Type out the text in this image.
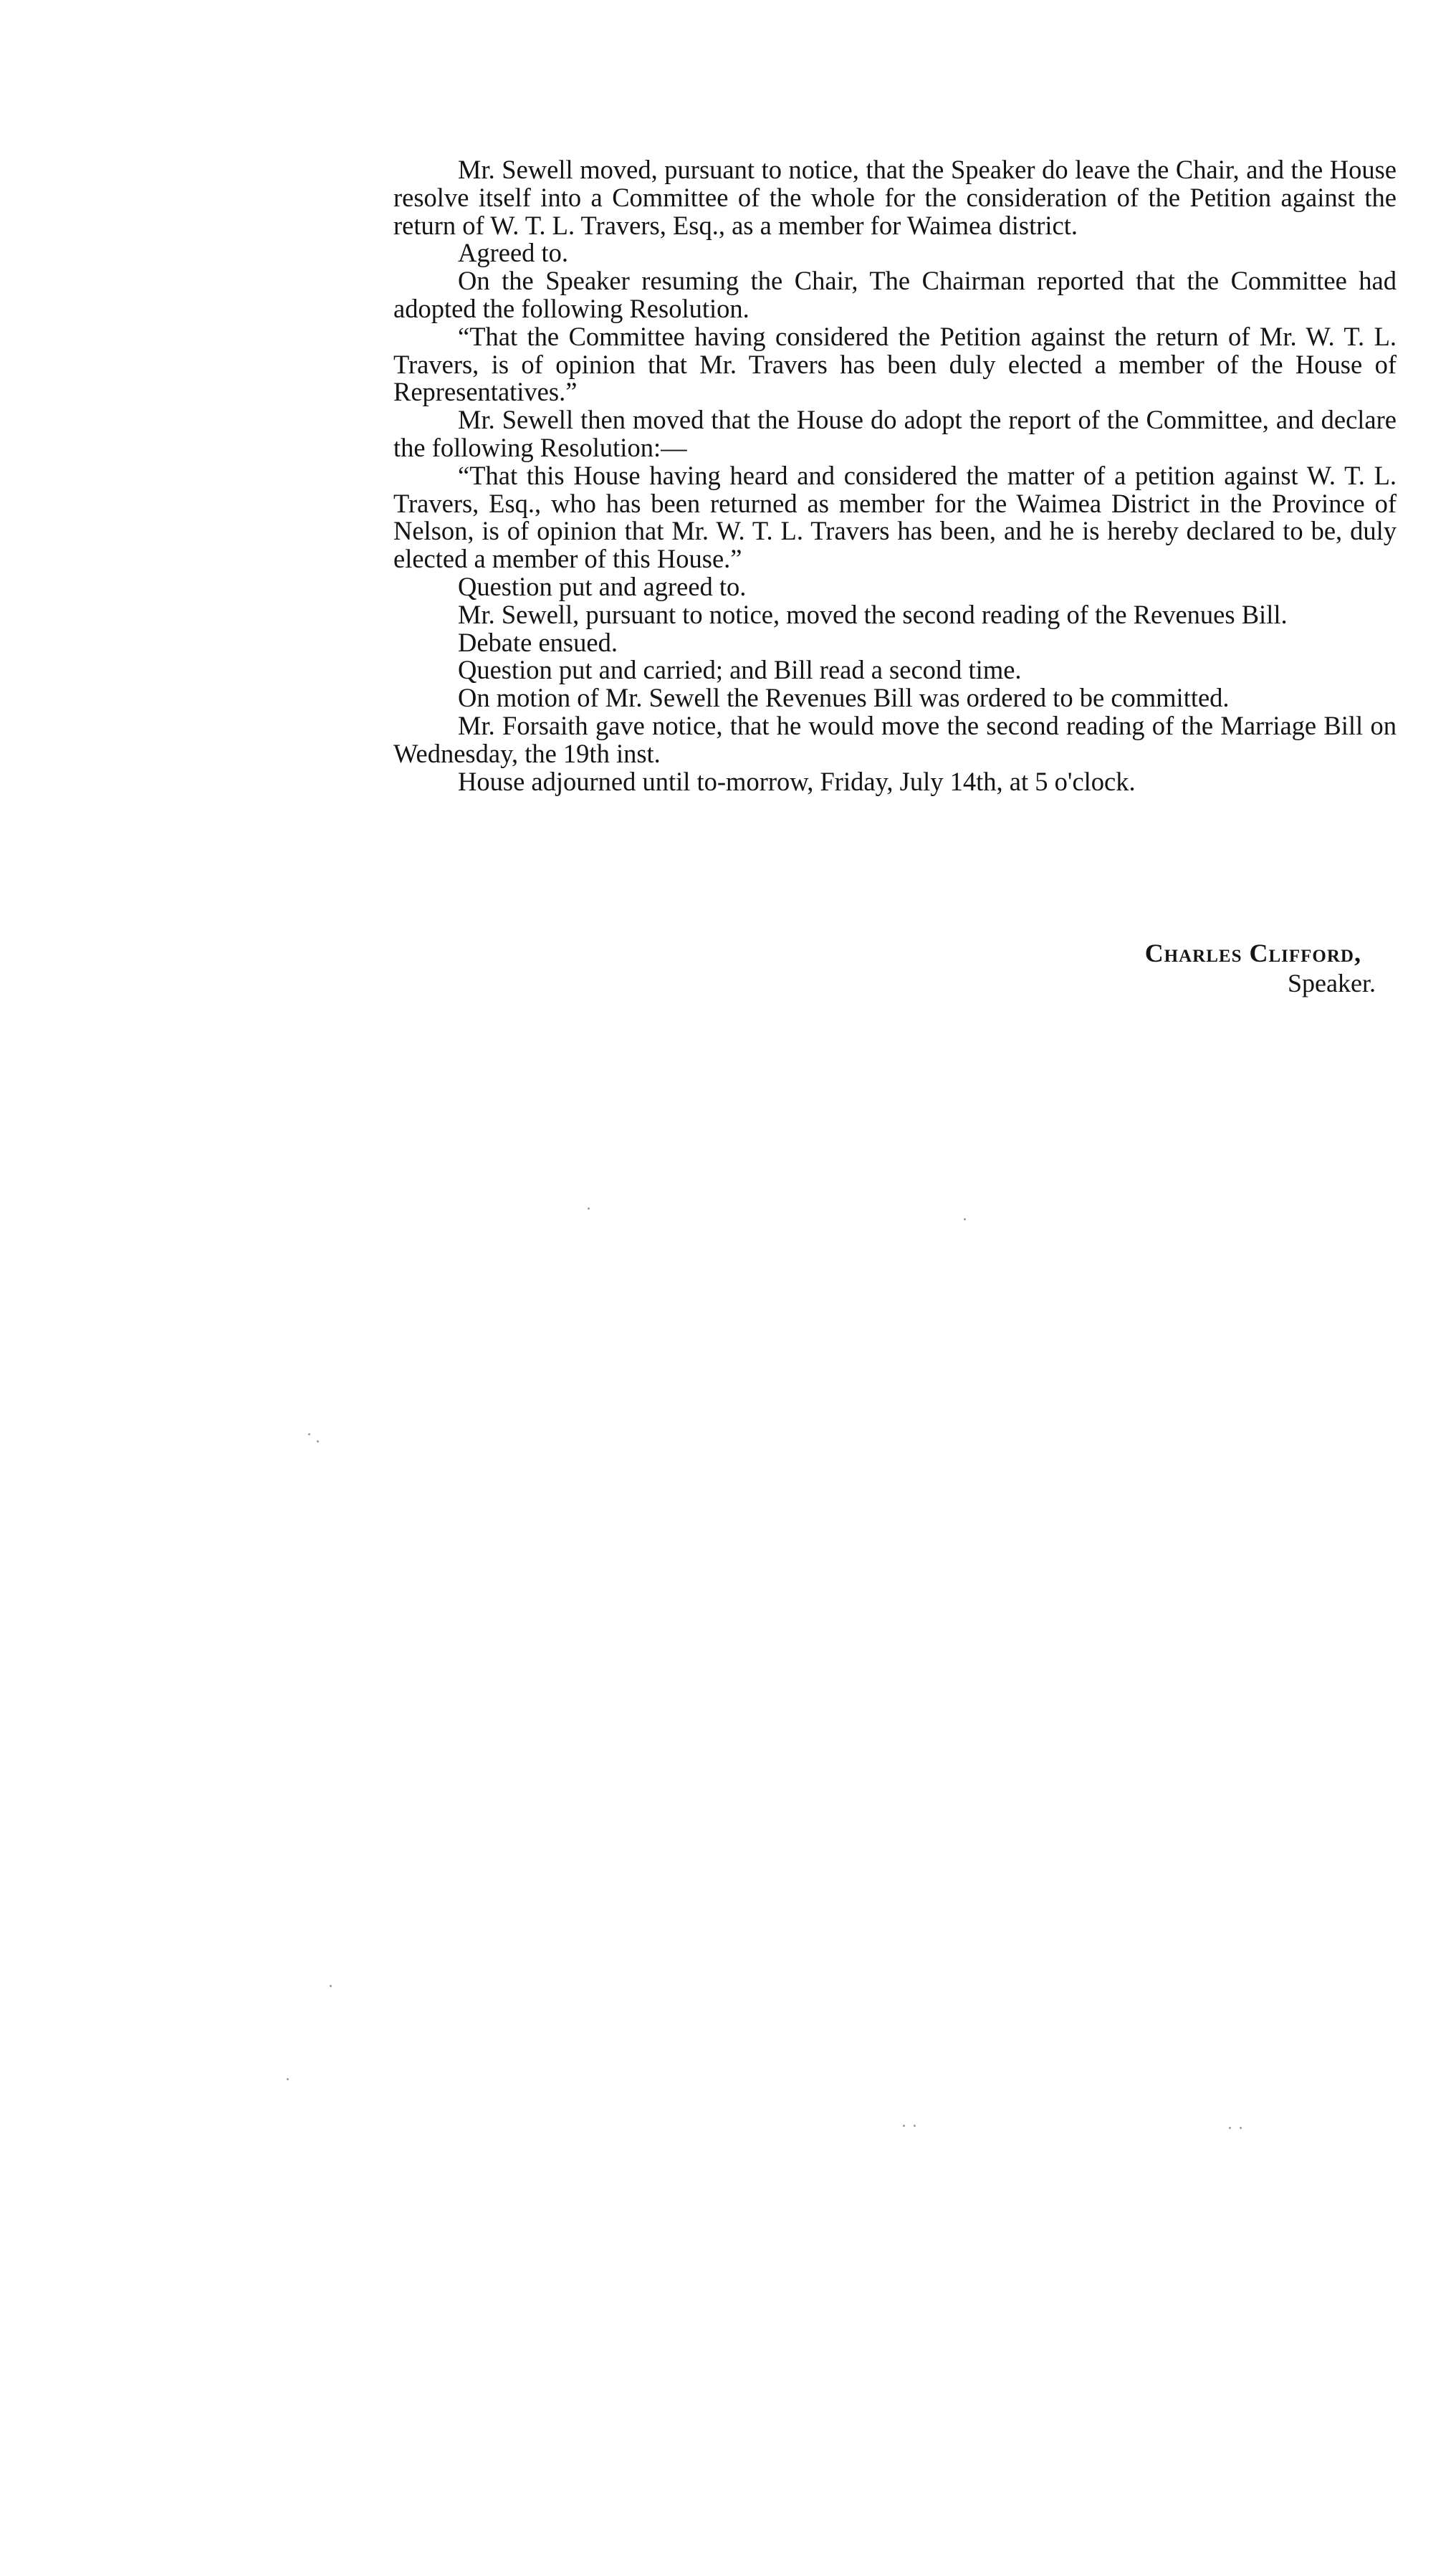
Mr. Sewell moved, pursuant to notice, that the Speaker do leave the Chair, and the House resolve itself into a Committee of the whole for the consideration of the Petition against the return of W. T. L. Travers, Esq., as a member for Waimea district.

Agreed to.

On the Speaker resuming the Chair, The Chairman reported that the Committee had adopted the following Resolution.

“That the Committee having considered the Petition against the return of Mr. W. T. L. Travers, is of opinion that Mr. Travers has been duly elected a member of the House of Representatives.”

Mr. Sewell then moved that the House do adopt the report of the Committee, and declare the following Resolution:—

“That this House having heard and considered the matter of a petition against W. T. L. Travers, Esq., who has been returned as member for the Waimea District in the Province of Nelson, is of opinion that Mr. W. T. L. Travers has been, and he is hereby declared to be, duly elected a member of this House.”

Question put and agreed to.

Mr. Sewell, pursuant to notice, moved the second reading of the Revenues Bill.

Debate ensued.

Question put and carried; and Bill read a second time.

On motion of Mr. Sewell the Revenues Bill was ordered to be committed.

Mr. Forsaith gave notice, that he would move the second reading of the Marriage Bill on Wednesday, the 19th inst.

House adjourned until to-morrow, Friday, July 14th, at 5 o'clock.

Charles Clifford,
Speaker.
